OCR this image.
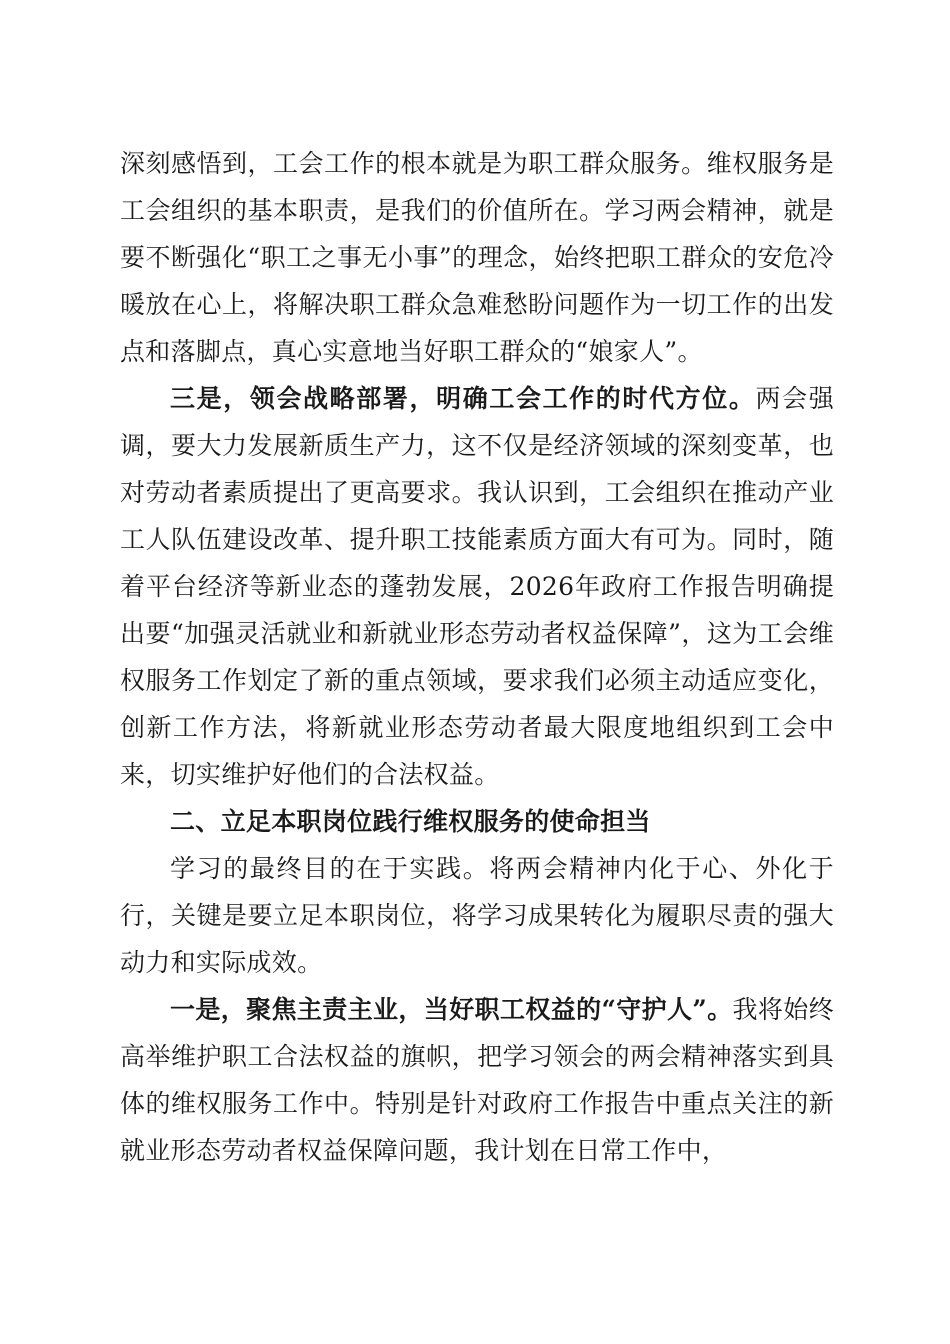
深刻感悟到，工会工作的根本就是为职工群众服务。维权服务是工会组织的基本职责，是我们的价值所在。学习两会精神，就是要不断强化“职工之事无小事”的理念，始终把职工群众的安危冷暖放在心上，将解决职工群众急难愁盼问题作为一切工作的出发点和落脚点，真心实意地当好职工群众的“娘家人”。

三是，领会战略部署，明确工会工作的时代方位。两会强调，要大力发展新质生产力，这不仅是经济领域的深刻变革，也对劳动者素质提出了更高要求。我认识到，工会组织在推动产业工人队伍建设改革、提升职工技能素质方面大有可为。同时，随着平台经济等新业态的蓬勃发展，2026年政府工作报告明确提出要“加强灵活就业和新就业形态劳动者权益保障”，这为工会维权服务工作划定了新的重点领域，要求我们必须主动适应变化，创新工作方法，将新就业形态劳动者最大限度地组织到工会中来，切实维护好他们的合法权益。

二、立足本职岗位践行维权服务的使命担当

学习的最终目的在于实践。将两会精神内化于心、外化于行，关键是要立足本职岗位，将学习成果转化为履职尽责的强大动力和实际成效。

一是，聚焦主责主业，当好职工权益的“守护人”。我将始终高举维护职工合法权益的旗帜，把学习领会的两会精神落实到具体的维权服务工作中。特别是针对政府工作报告中重点关注的新就业形态劳动者权益保障问题，我计划在日常工作中，
